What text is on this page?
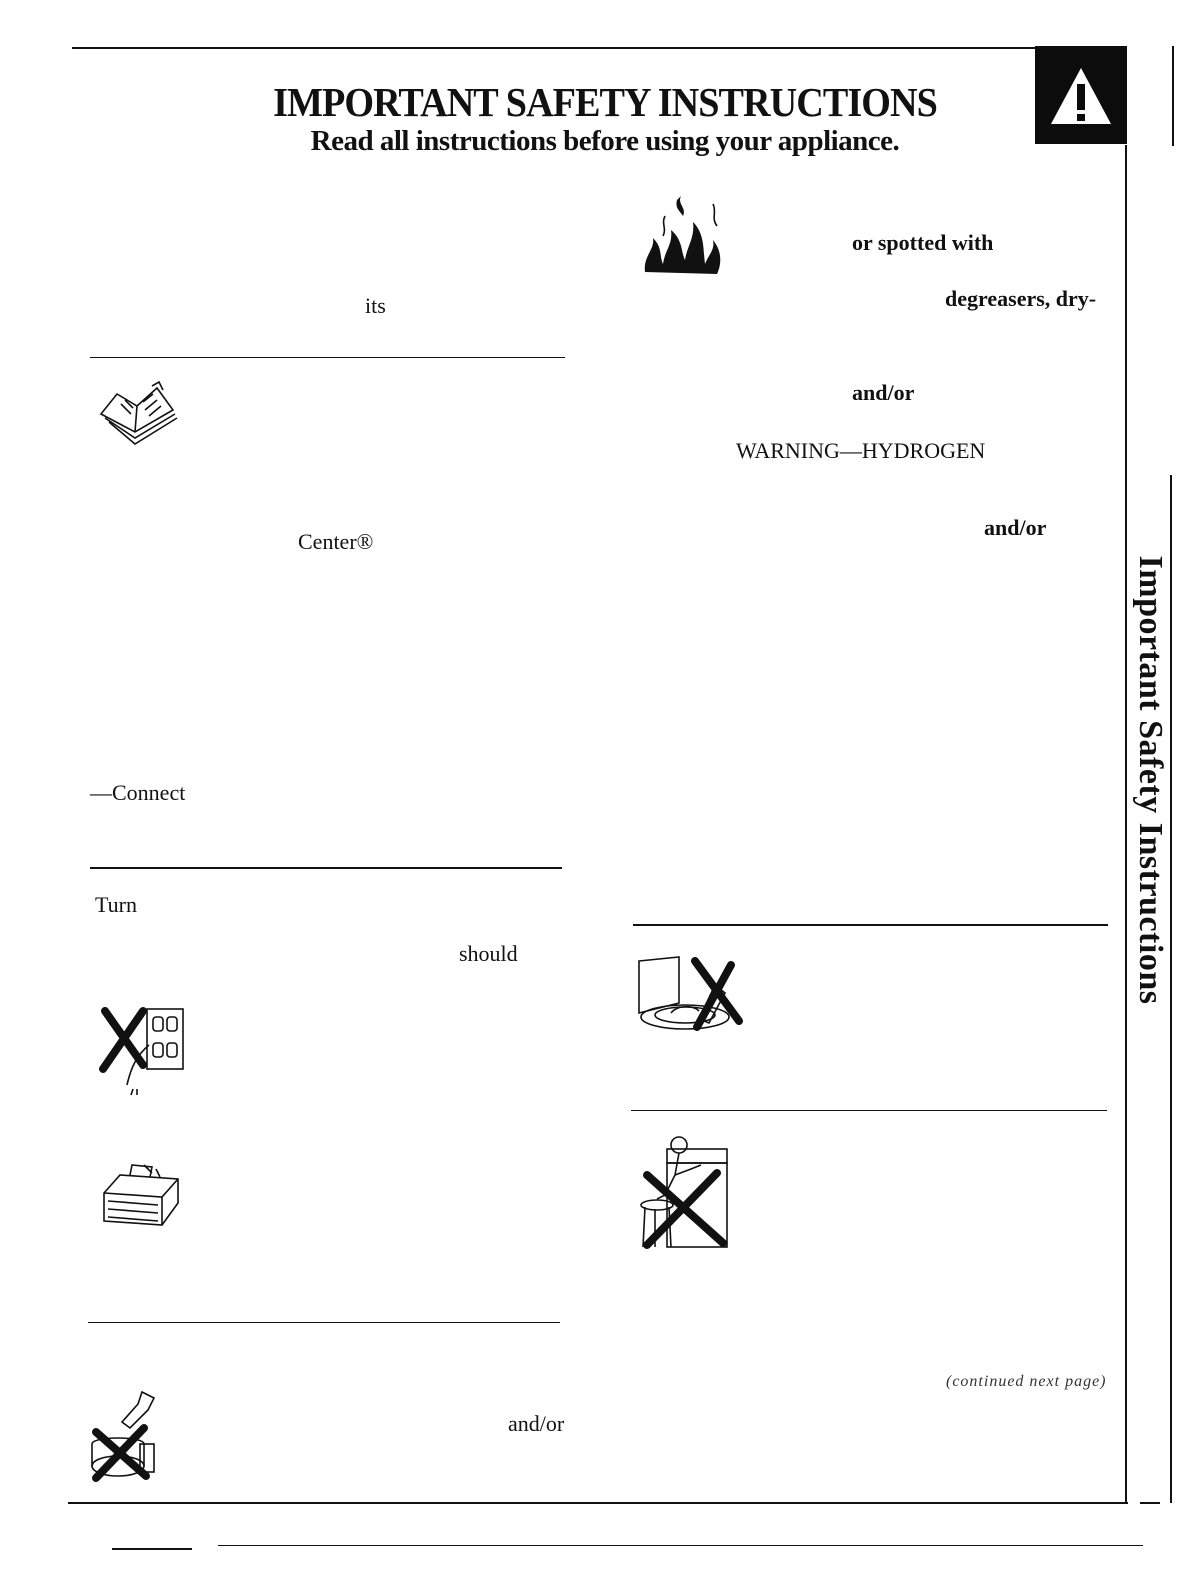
IMPORTANT SAFETY INSTRUCTIONS
Read all instructions before using your appliance.
Important Safety Instructions
its
Center®
—Connect
Turn
should
and/or
or spotted with
degreasers, dry-
and/or
WARNING—HYDROGEN
and/or
(continued next page)
